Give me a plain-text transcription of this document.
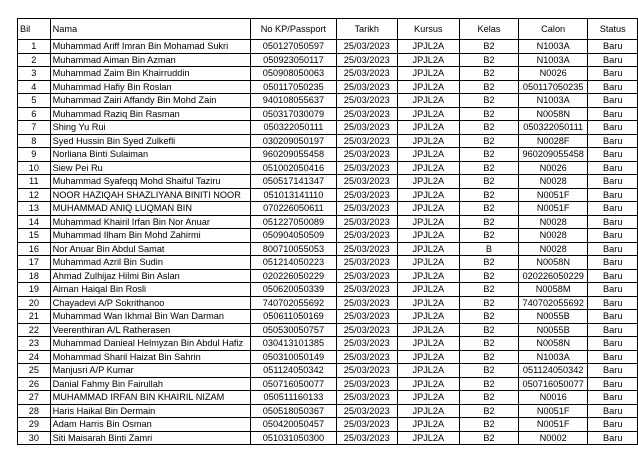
Bil	Nama	No KP/Passport	Tarikh	Kursus	Kelas	Calon	Status
1	Muhammad Ariff Imran Bin Mohamad Sukri	050127050597	25/03/2023	JPJL2A	B2	N1003A	Baru
2	Muhammad Aiman Bin Azman	050923050117	25/03/2023	JPJL2A	B2	N1003A	Baru
3	Muhammad Zaim Bin Khairruddin	050908050063	25/03/2023	JPJL2A	B2	N0026	Baru
4	Muhammad Hafiy Bin Roslan	050117050235	25/03/2023	JPJL2A	B2	050117050235	Baru
5	Muhammad Zairi Affandy Bin Mohd Zain	940108055637	25/03/2023	JPJL2A	B2	N1003A	Baru
6	Muhammad Raziq Bin Rasman	050317030079	25/03/2023	JPJL2A	B2	N0058N	Baru
7	Shing Yu Rui	050322050111	25/03/2023	JPJL2A	B2	050322050111	Baru
8	Syed Hussin Bin Syed Zulkefli	030209050197	25/03/2023	JPJL2A	B2	N0028F	Baru
9	Norliana Binti Sulaiman	960209055458	25/03/2023	JPJL2A	B2	960209055458	Baru
10	Siew Pei Ru	051002050416	25/03/2023	JPJL2A	B2	N0026	Baru
11	Muhammad Syafeqq Mohd Shaiful Taziru	050517141347	25/03/2023	JPJL2A	B2	N0028	Baru
12	NOOR HAZIQAH SHAZLIYANA BINITI NOOR	051013141110	25/03/2023	JPJL2A	B2	N0051F	Baru
13	MUHAMMAD ANIQ LUQMAN BIN	070226050611	25/03/2023	JPJL2A	B2	N0051F	Baru
14	Muhammad Khairil Irfan Bin Nor Anuar	051227050089	25/03/2023	JPJL2A	B2	N0028	Baru
15	Muhammad Ilham Bin Mohd Zahirmi	050904050509	25/03/2023	JPJL2A	B2	N0028	Baru
16	Nor Anuar Bin Abdul Samat	800710055053	25/03/2023	JPJL2A	B	N0028	Baru
17	Muhammad Azril Bin Sudin	051214050223	25/03/2023	JPJL2A	B2	N0058N	Baru
18	Ahmad Zulhijaz Hilmi Bin Aslan	020226050229	25/03/2023	JPJL2A	B2	020226050229	Baru
19	Aiman Haiqal Bin Rosli	050620050339	25/03/2023	JPJL2A	B2	N0058M	Baru
20	Chayadevi A/P Sokrithanoo	740702055692	25/03/2023	JPJL2A	B2	740702055692	Baru
21	Muhammad Wan Ikhmal Bin Wan Darman	050611050169	25/03/2023	JPJL2A	B2	N0055B	Baru
22	Veerenthiran A/L Ratherasen	050530050757	25/03/2023	JPJL2A	B2	N0055B	Baru
23	Muhammad Danieal Helmyzan Bin Abdul Hafiz	030413101385	25/03/2023	JPJL2A	B2	N0058N	Baru
24	Mohammad Sharil Haizat Bin Sahrin	050310050149	25/03/2023	JPJL2A	B2	N1003A	Baru
25	Manjusri A/P Kumar	051124050342	25/03/2023	JPJL2A	B2	051124050342	Baru
26	Danial Fahmy Bin Fairullah	050716050077	25/03/2023	JPJL2A	B2	050716050077	Baru
27	MUHAMMAD IRFAN BIN KHAIRIL NIZAM	050511160133	25/03/2023	JPJL2A	B2	N0016	Baru
28	Haris Haikal Bin Dermain	050518050367	25/03/2023	JPJL2A	B2	N0051F	Baru
29	Adam Harris Bin Osman	050420050457	25/03/2023	JPJL2A	B2	N0051F	Baru
30	Siti Maisarah Binti Zamri	051031050300	25/03/2023	JPJL2A	B2	N0002	Baru
